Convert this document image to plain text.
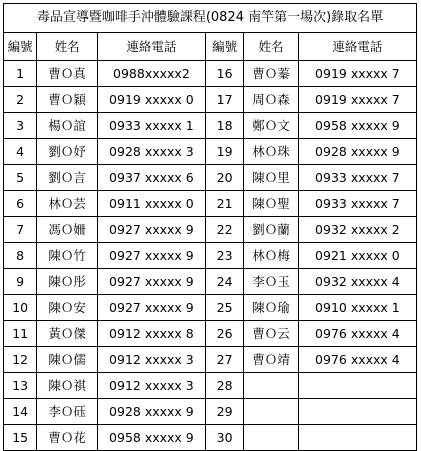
毒品宣導暨咖啡手沖體驗課程(0824 南竿第一場次)錄取名單					
編號	姓名	連絡電話	編號	姓名	連絡電話
1	曹Ｏ真	0988xxxxx2	16	曹Ｏ蓁	0919 xxxxx 7
2	曹Ｏ穎	0919 xxxxx 0	17	周Ｏ森	0919 xxxxx 7
3	楊Ｏ誼	0933 xxxxx 1	18	鄭Ｏ文	0958 xxxxx 9
4	劉Ｏ妤	0928 xxxxx 3	19	林Ｏ珠	0928 xxxxx 9
5	劉Ｏ言	0937 xxxxx 6	20	陳Ｏ里	0933 xxxxx 7
6	林Ｏ芸	0911 xxxxx 0	21	陳Ｏ聖	0933 xxxxx 7
7	馮Ｏ姍	0927 xxxxx 9	22	劉Ｏ蘭	0932 xxxxx 2
8	陳Ｏ竹	0927 xxxxx 9	23	林Ｏ梅	0921 xxxxx 0
9	陳Ｏ彤	0927 xxxxx 9	24	李Ｏ玉	0932 xxxxx 4
10	陳Ｏ安	0927 xxxxx 9	25	陳Ｏ瑜	0910 xxxxx 1
11	黃Ｏ傑	0912 xxxxx 8	26	曹Ｏ云	0976 xxxxx 4
12	陳Ｏ儒	0912 xxxxx 3	27	曹Ｏ靖	0976 xxxxx 4
13	陳Ｏ祺	0912 xxxxx 3	28		
14	李Ｏ砡	0928 xxxxx 9	29		
15	曹Ｏ花	0958 xxxxx 9	30		
